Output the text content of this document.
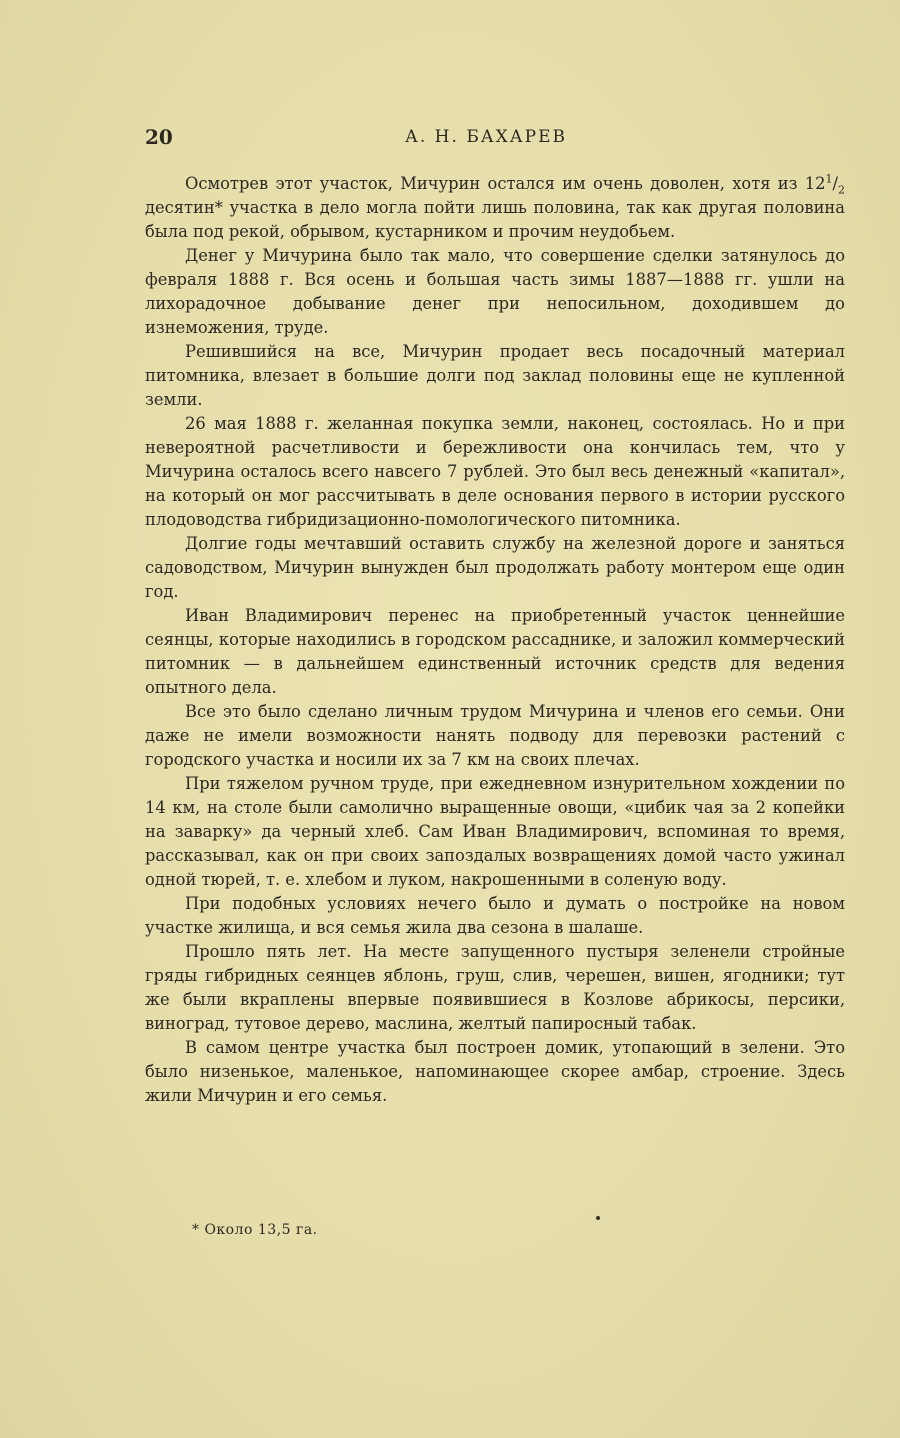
20	А. Н. БАХАРЕВ

Осмотрев этот участок, Мичурин остался им очень доволен, хотя из $12^1/_2$ десятин* участка в дело могла пойти лишь половина, так как другая половина была под рекой, обрывом, кустарником и прочим неудобьем.

Денег у Мичурина было так мало, что совершение сделки затянулось до февраля 1888 г. Вся осень и большая часть зимы 1887—1888 гг. ушли на лихорадочное добывание денег при непосильном, доходившем до изнеможения, труде.

Решившийся на все, Мичурин продает весь посадочный материал питомника, влезает в большие долги под заклад половины еще не купленной земли.

26 мая 1888 г. желанная покупка земли, наконец, состоялась. Но и при невероятной расчетливости и бережливости она кончилась тем, что у Мичурина осталось всего навсего 7 рублей. Это был весь денежный «капитал», на который он мог рассчитывать в деле основания первого в истории русского плодоводства гибридизационно-помологического питомника.

Долгие годы мечтавший оставить службу на железной дороге и заняться садоводством, Мичурин вынужден был продолжать работу монтером еще один год.

Иван Владимирович перенес на приобретенный участок ценнейшие сеянцы, которые находились в городском рассаднике, и заложил коммерческий питомник — в дальнейшем единственный источник средств для ведения опытного дела.

Все это было сделано личным трудом Мичурина и членов его семьи. Они даже не имели возможности нанять подводу для перевозки растений с городского участка и носили их за 7 км на своих плечах.

При тяжелом ручном труде, при ежедневном изнурительном хождении по 14 км, на столе были самолично выращенные овощи, «цибик чая за 2 копейки на заварку» да черный хлеб. Сам Иван Владимирович, вспоминая то время, рассказывал, как он при своих запоздалых возвращениях домой часто ужинал одной тюрей, т. е. хлебом и луком, накрошенными в соленую воду.

При подобных условиях нечего было и думать о постройке на новом участке жилища, и вся семья жила два сезона в шалаше.

Прошло пять лет. На месте запущенного пустыря зеленели стройные гряды гибридных сеянцев яблонь, груш, слив, черешен, вишен, ягодники; тут же были вкраплены впервые появившиеся в Козлове абрикосы, персики, виноград, тутовое дерево, маслина, желтый папиросный табак.

В самом центре участка был построен домик, утопающий в зелени. Это было низенькое, маленькое, напоминающее скорее амбар, строение. Здесь жили Мичурин и его семья.

* Около 13,5 га.
